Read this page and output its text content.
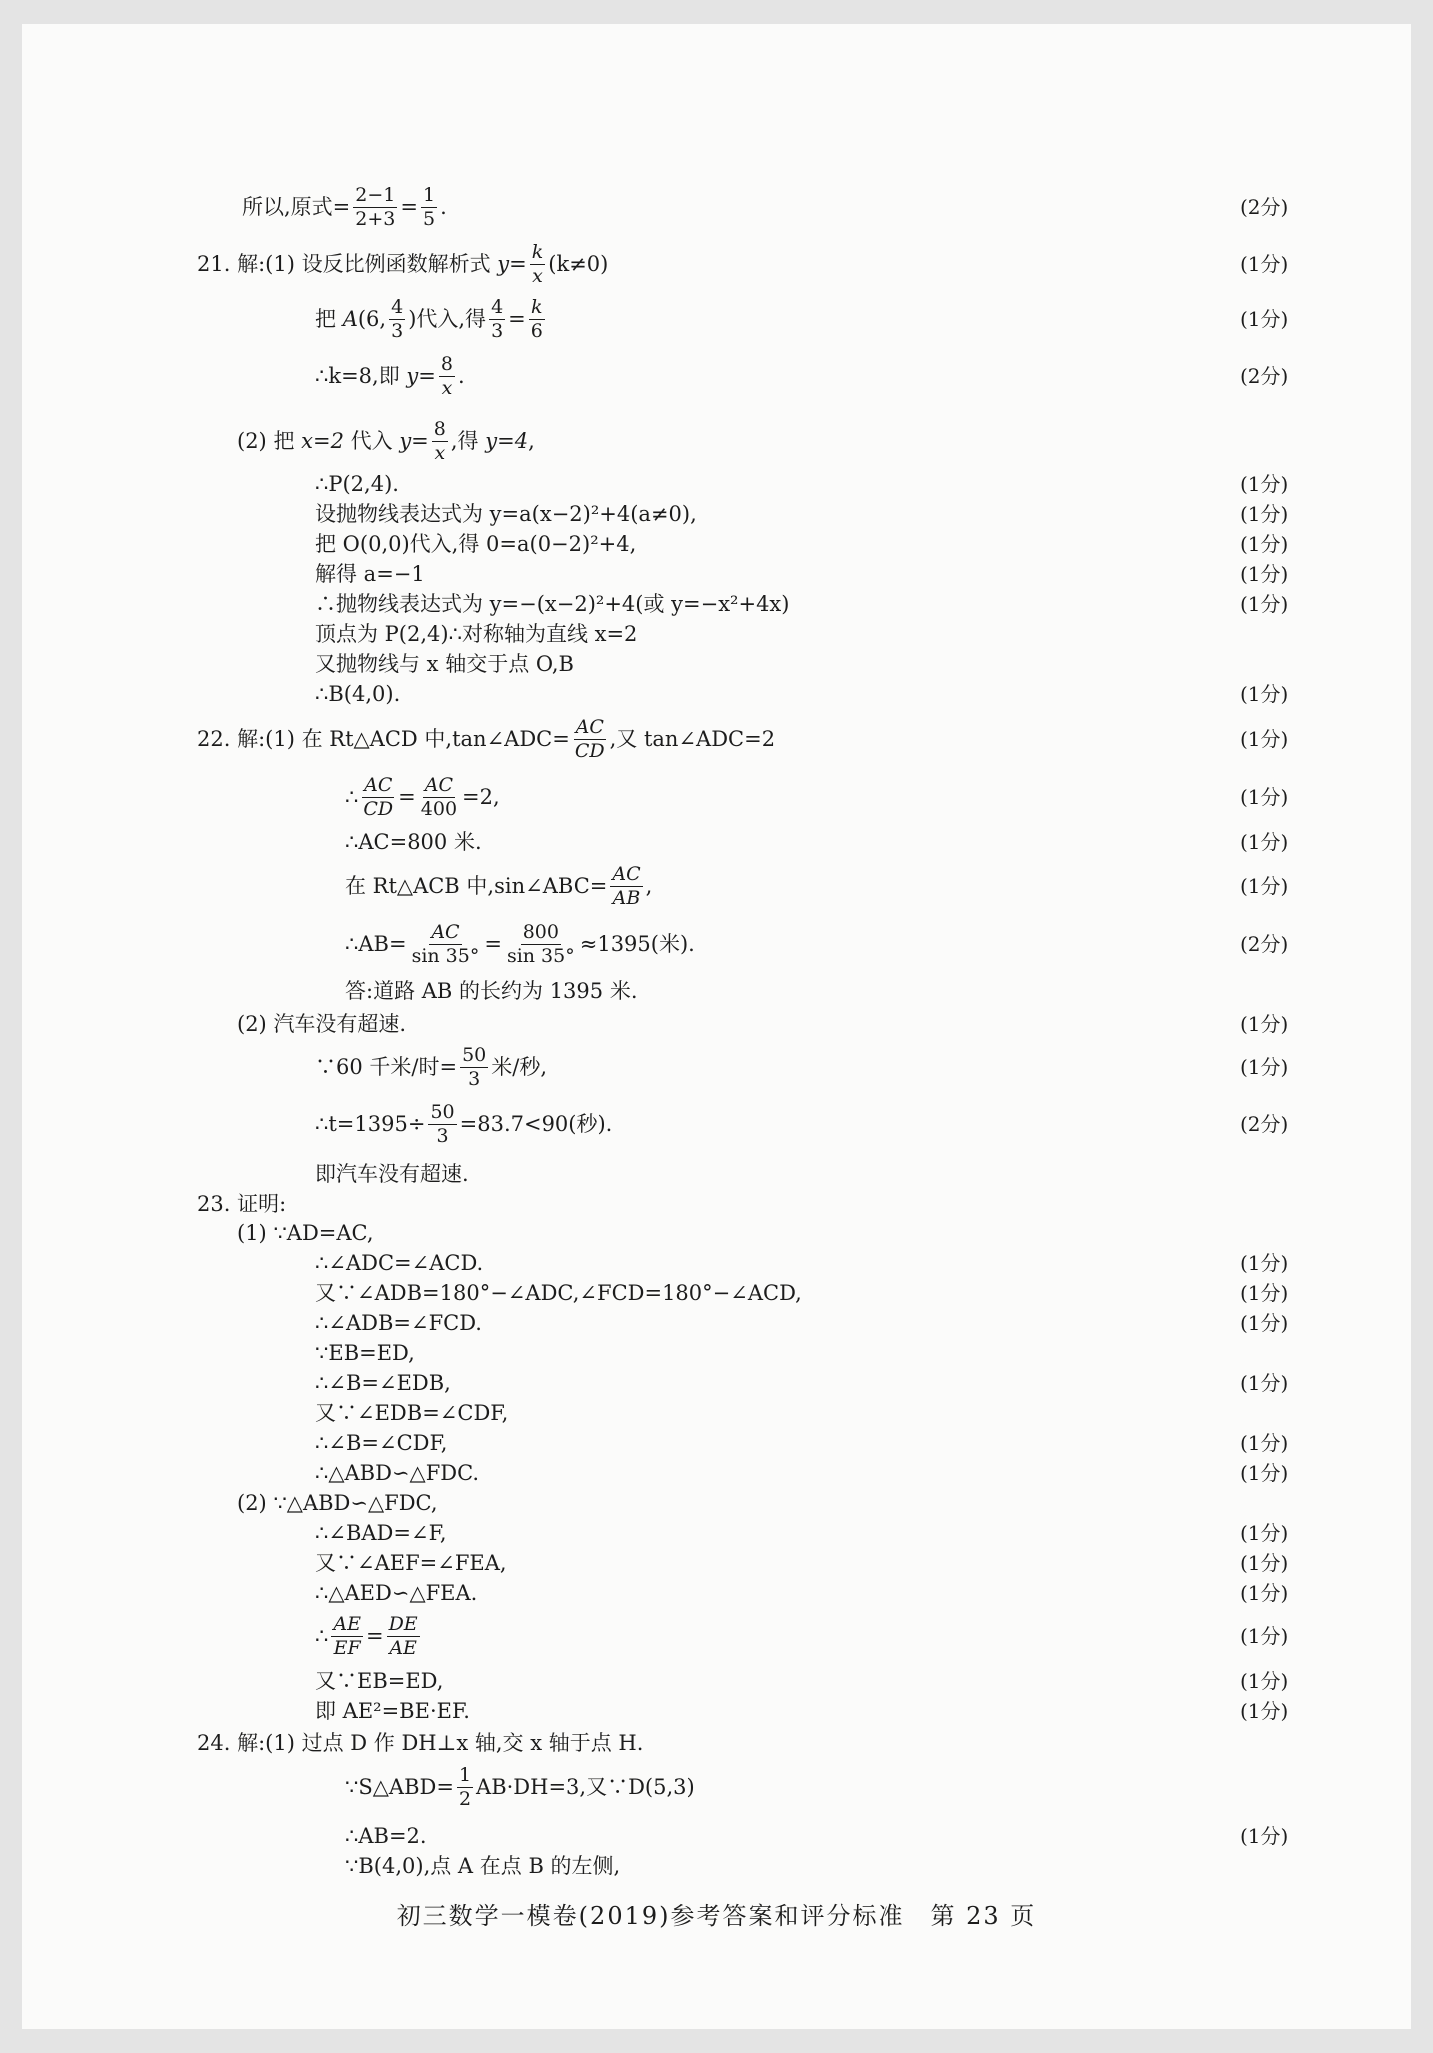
所以,原式= $\frac{2-1}{2+3} = \frac{1}{5}$ .	(2分)
21. 解:(1)
设反比例函数解析式
$y= \frac{k}{x} (k\ne 0)$	(1分)
把
A (6, $\frac{4}{3}$ )代入,得 $\frac{4}{3} = \frac{k}{6}$	(1分)
∴k=8,即
$y= \frac{8}{x}$ .	(2分)
(2)
把
x=2
代入
$y= \frac{8}{x}$ ,得
y=4 ,
∴P(2,4).	(1分)
设抛物线表达式为 y=a(x−2)²+4(a≠0),	(1分)
把 O(0,0)代入,得 0=a(0−2)²+4,	(1分)
解得 a=−1	(1分)
∴抛物线表达式为 y=−(x−2)²+4(或 y=−x²+4x)	(1分)
顶点为 P(2,4)∴对称轴为直线 x=2
又抛物线与 x 轴交于点 O,B
∴B(4,0).	(1分)
22. 解:(1)
在 Rt△ACD 中,tan∠ADC= $\frac{AC}{CD}$ ,又 tan∠ADC=2	(1分)
∴ $\frac{AC}{CD} = \frac{AC}{400} =2$,	(1分)
∴AC=800 米.	(1分)
在 Rt△ACB 中,sin∠ABC= $\frac{AC}{AB}$ ,	(1分)
∴AB= $\frac{AC}{\sin 35^\circ} = \frac{800}{\sin 35^\circ} \approx 1395$(米).	(2分)
答:道路 AB 的长约为 1395 米.
(2)
汽车没有超速.	(1分)
∵60 千米/时= $\frac{50}{3}$ 米/秒,	(1分)
∴t=1395÷ $\frac{50}{3} =83.7<90$(秒).	(2分)
即汽车没有超速.
23. 证明:
(1)
∵AD=AC,
∴∠ADC=∠ACD.	(1分)
又∵∠ADB=180°−∠ADC,∠FCD=180°−∠ACD,	(1分)
∴∠ADB=∠FCD.	(1分)
∵EB=ED,
∴∠B=∠EDB,	(1分)
又∵∠EDB=∠CDF,
∴∠B=∠CDF,	(1分)
∴△ABD∽△FDC.	(1分)
(2)
∵△ABD∽△FDC,
∴∠BAD=∠F,	(1分)
又∵∠AEF=∠FEA,	(1分)
∴△AED∽△FEA.	(1分)
∴ $\frac{AE}{EF} = \frac{DE}{AE}$	(1分)
又∵EB=ED,	(1分)
即 AE²=BE·EF.	(1分)
24. 解:(1)
过点 D 作 DH⊥x 轴,交 x 轴于点 H.
∵S△ABD= $\frac{1}{2} AB\cdot DH=3$,又∵D(5,3)
∴AB=2.	(1分)
∵B(4,0),点 A 在点 B 的左侧,
初三数学一模卷(2019)参考答案和评分标准　第 23 页
